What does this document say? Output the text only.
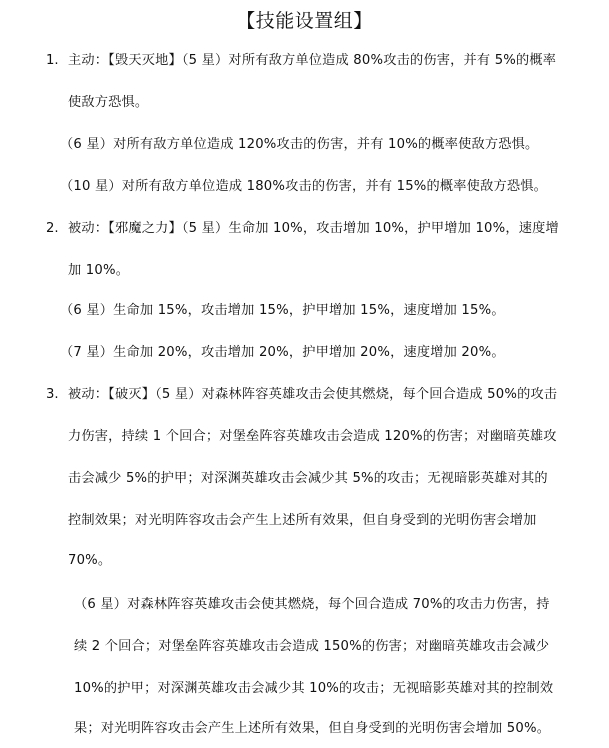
【技能设置组】
1. 主动：【毁天灭地】（5 星）对所有敌方单位造成 80%攻击的伤害，并有 5%的概率
使敌方恐惧。
（6 星）对所有敌方单位造成 120%攻击的伤害，并有 10%的概率使敌方恐惧。
（10 星）对所有敌方单位造成 180%攻击的伤害，并有 15%的概率使敌方恐惧。
2. 被动：【邪魔之力】（5 星）生命加 10%，攻击增加 10%，护甲增加 10%，速度增
加 10%。
（6 星）生命加 15%，攻击增加 15%，护甲增加 15%，速度增加 15%。
（7 星）生命加 20%，攻击增加 20%，护甲增加 20%，速度增加 20%。
3. 被动：【破灭】（5 星）对森林阵容英雄攻击会使其燃烧，每个回合造成 50%的攻击
力伤害，持续 1 个回合；对堡垒阵容英雄攻击会造成 120%的伤害；对幽暗英雄攻
击会减少 5%的护甲；对深渊英雄攻击会减少其 5%的攻击；无视暗影英雄对其的
控制效果；对光明阵容攻击会产生上述所有效果，但自身受到的光明伤害会增加
70%。
（6 星）对森林阵容英雄攻击会使其燃烧，每个回合造成 70%的攻击力伤害，持
续 2 个回合；对堡垒阵容英雄攻击会造成 150%的伤害；对幽暗英雄攻击会减少
10%的护甲；对深渊英雄攻击会减少其 10%的攻击；无视暗影英雄对其的控制效
果；对光明阵容攻击会产生上述所有效果，但自身受到的光明伤害会增加 50%。
